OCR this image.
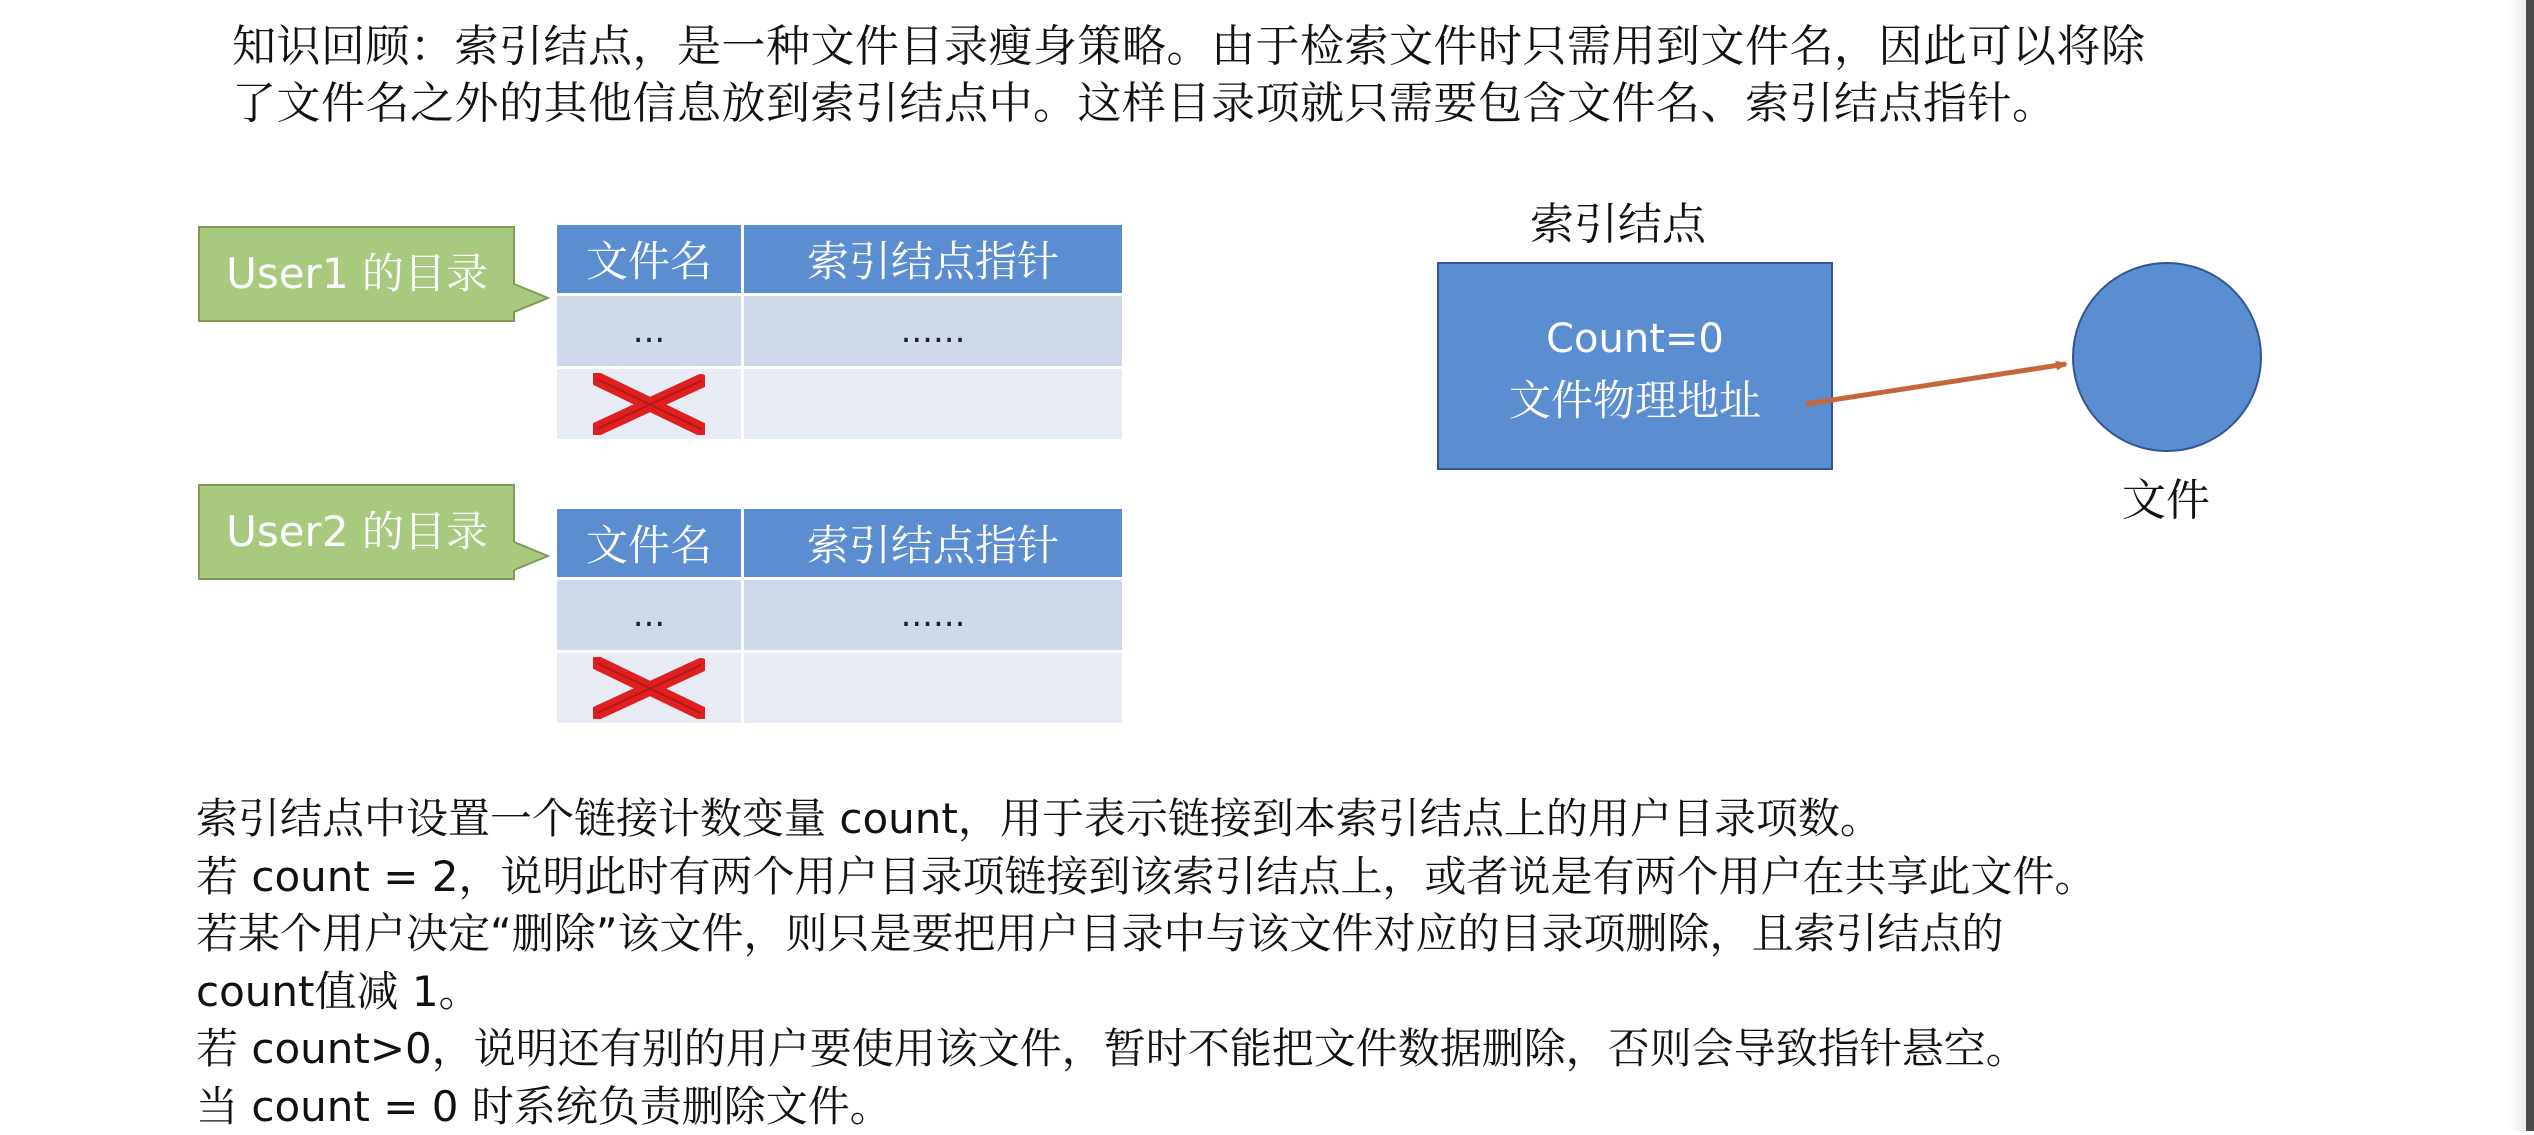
知识回顾：索引结点，是一种文件目录瘦身策略。由于检索文件时只需用到文件名，因此可以将除
了文件名之外的其他信息放到索引结点中。这样目录项就只需要包含文件名、索引结点指针。
User1 的目录	文件名	索引结点指针
...	......

User2 的目录	文件名	索引结点指针
...	......

索引结点
Count=0
文件物理地址
文件
索引结点中设置一个链接计数变量 count，用于表示链接到本索引结点上的用户目录项数。
若 count = 2，说明此时有两个用户目录项链接到该索引结点上，或者说是有两个用户在共享此文件。
若某个用户决定“删除”该文件，则只是要把用户目录中与该文件对应的目录项删除，且索引结点的
count值减 1。
若 count>0，说明还有别的用户要使用该文件，暂时不能把文件数据删除，否则会导致指针悬空。
当 count = 0 时系统负责删除文件。
